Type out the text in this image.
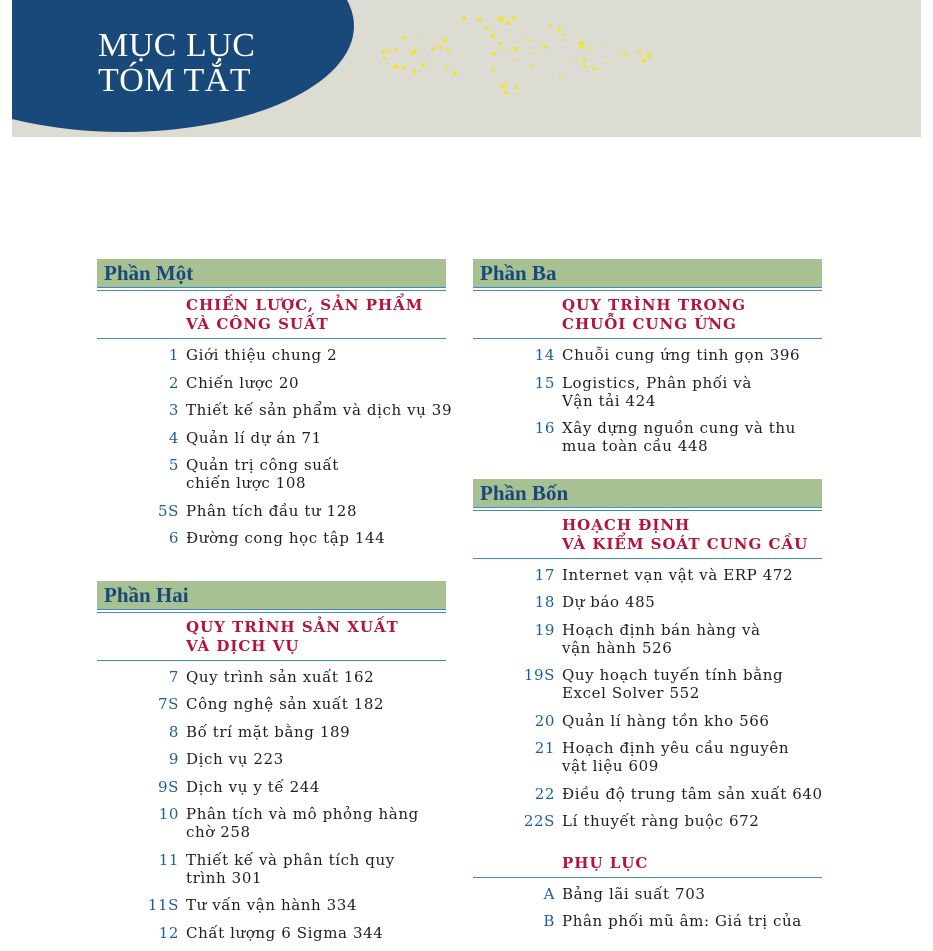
MỤC LỤC
TÓM TẮT
Phần Một
CHIẾN LƯỢC, SẢN PHẨM
VÀ CÔNG SUẤT
1 Giới thiệu chung 2
2 Chiến lược 20
3 Thiết kế sản phẩm và dịch vụ 39
4 Quản lí dự án 71
5 Quản trị công suất chiến lược 108
5S Phân tích đầu tư 128
6 Đường cong học tập 144
Phần Hai
QUY TRÌNH SẢN XUẤT
VÀ DỊCH VỤ
7 Quy trình sản xuất 162
7S Công nghệ sản xuất 182
8 Bố trí mặt bằng 189
9 Dịch vụ 223
9S Dịch vụ y tế 244
10 Phân tích và mô phỏng hàng chờ 258
11 Thiết kế và phân tích quy trình 301
11S Tư vấn vận hành 334
12 Chất lượng 6 Sigma 344
Phần Ba
QUY TRÌNH TRONG
CHUỖI CUNG ỨNG
14 Chuỗi cung ứng tinh gọn 396
15 Logistics, Phân phối và Vận tải 424
16 Xây dựng nguồn cung và thu mua toàn cầu 448
Phần Bốn
HOẠCH ĐỊNH
VÀ KIỂM SOÁT CUNG CẦU
17 Internet vạn vật và ERP 472
18 Dự báo 485
19 Hoạch định bán hàng và vận hành 526
19S Quy hoạch tuyến tính bằng Excel Solver 552
20 Quản lí hàng tồn kho 566
21 Hoạch định yêu cầu nguyên vật liệu 609
22 Điều độ trung tâm sản xuất 640
22S Lí thuyết ràng buộc 672
PHỤ LỤC
A Bảng lãi suất 703
B Phân phối mũ âm: Giá trị của
